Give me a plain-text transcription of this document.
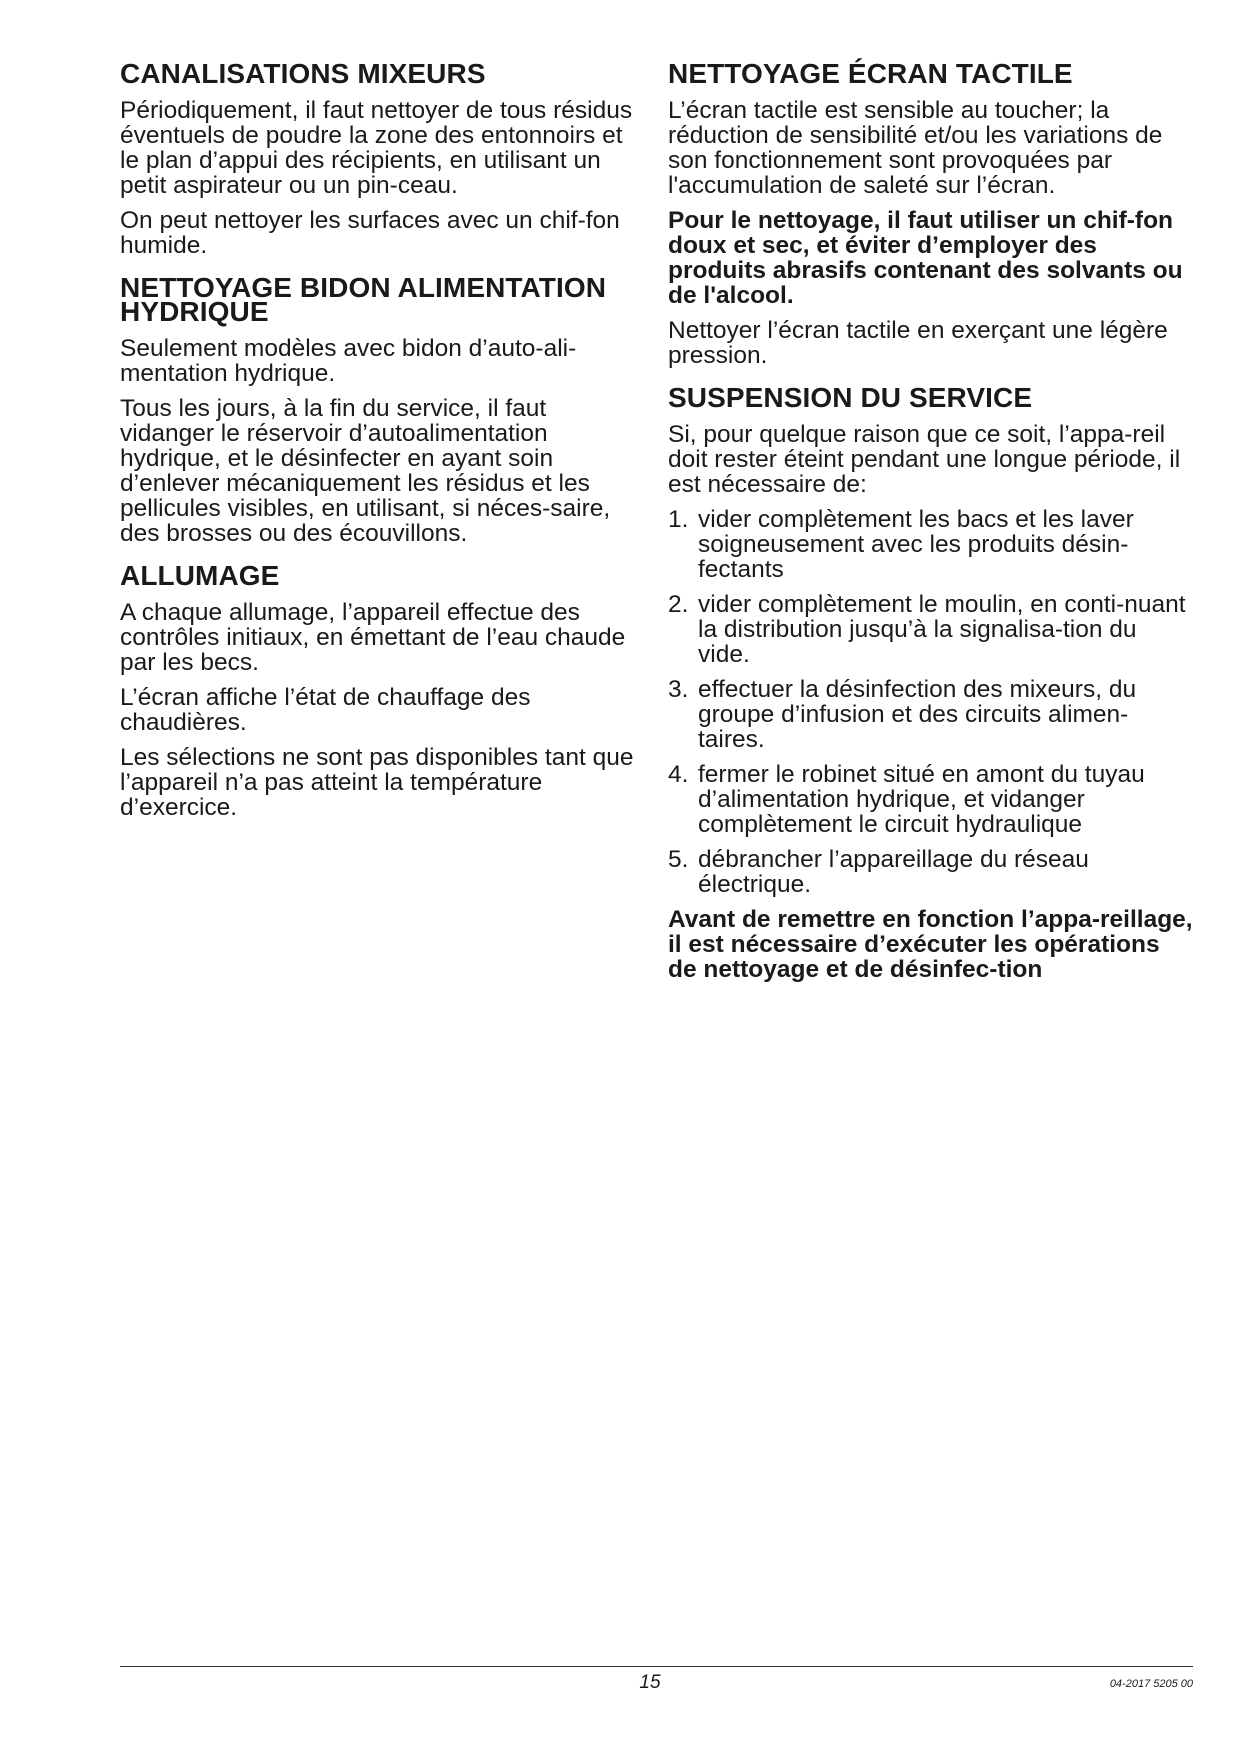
CANALISATIONS MIXEURS

Périodiquement, il faut nettoyer de tous résidus éventuels de poudre la zone des entonnoirs et le plan d’appui des récipients, en utilisant un petit aspirateur ou un pin-ceau.

On peut nettoyer les surfaces avec un chif-fon humide.

NETTOYAGE BIDON ALIMENTATION HYDRIQUE

Seulement modèles avec bidon d’auto-ali-mentation hydrique.

Tous les jours, à la fin du service, il faut vidanger le réservoir d’autoalimentation hydrique, et le désinfecter en ayant soin d’enlever mécaniquement les résidus et les pellicules visibles, en utilisant, si néces-saire, des brosses ou des écouvillons.

ALLUMAGE

A chaque allumage, l’appareil effectue des contrôles initiaux, en émettant de l’eau chaude par les becs.

L’écran affiche l’état de chauffage des chaudières.

Les sélections ne sont pas disponibles tant que l’appareil n’a pas atteint la température d’exercice.

NETTOYAGE ÉCRAN TACTILE

L’écran tactile est sensible au toucher; la réduction de sensibilité et/ou les variations de son fonctionnement sont provoquées par l'accumulation de saleté sur l’écran.

Pour le nettoyage, il faut utiliser un chif-fon doux et sec, et éviter d’employer des produits abrasifs contenant des solvants ou de l'alcool.

Nettoyer l’écran tactile en exerçant une légère pression.

SUSPENSION DU SERVICE

Si, pour quelque raison que ce soit, l’appa-reil doit rester éteint pendant une longue période, il est nécessaire de:

1. vider complètement les bacs et les laver soigneusement avec les produits désin-fectants
2. vider complètement le moulin, en conti-nuant la distribution jusqu’à la signalisa-tion du vide.
3. effectuer la désinfection des mixeurs, du groupe d’infusion et des circuits alimen-taires.
4. fermer le robinet situé en amont du tuyau d’alimentation hydrique, et vidanger complètement le circuit hydraulique
5. débrancher l’appareillage du réseau électrique.

Avant de remettre en fonction l’appa-reillage, il est nécessaire d’exécuter les opérations de nettoyage et de désinfec-tion

15	04-2017 5205 00
